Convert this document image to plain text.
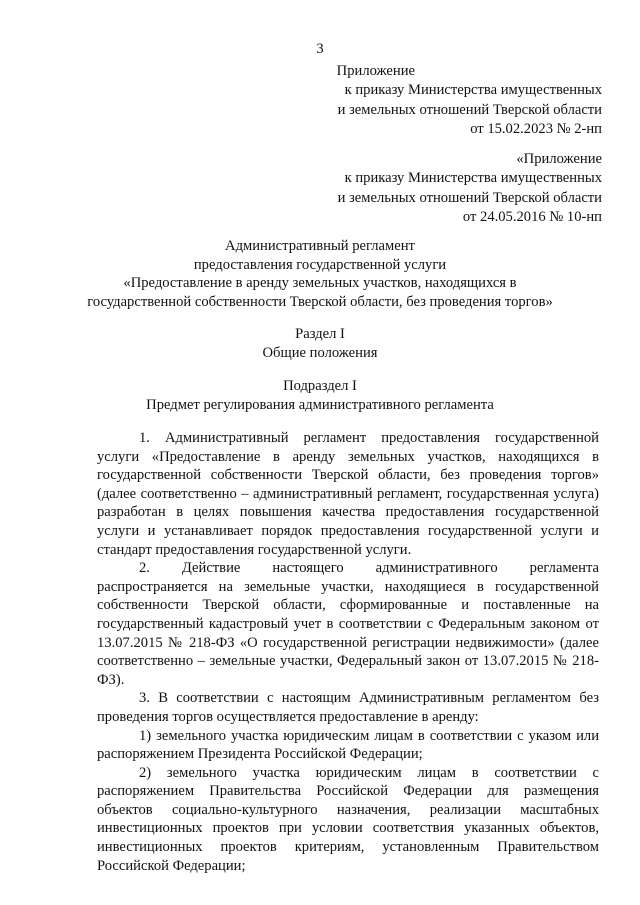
3
Приложение
к приказу Министерства имущественных
и земельных отношений Тверской области
от 15.02.2023 № 2-нп
«Приложение
к приказу Министерства имущественных
и земельных отношений Тверской области
от 24.05.2016 № 10-нп
Административный регламент
предоставления государственной услуги
«Предоставление в аренду земельных участков, находящихся в
государственной собственности Тверской области, без проведения торгов»
Раздел I
Общие положения
Подраздел I
Предмет регулирования административного регламента

1. Административный регламент предоставления государственной услуги «Предоставление в аренду земельных участков, находящихся в государственной собственности Тверской области, без проведения торгов» (далее соответственно – административный регламент, государственная услуга) разработан в целях повышения качества предоставления государственной услуги и устанавливает порядок предоставления государственной услуги и стандарт предоставления государственной услуги.

2. Действие настоящего административного регламента распространяется на земельные участки, находящиеся в государственной собственности Тверской области, сформированные и поставленные на государственный кадастровый учет в соответствии с Федеральным законом от 13.07.2015 № 218-ФЗ «О государственной регистрации недвижимости» (далее соответственно – земельные участки, Федеральный закон от 13.07.2015 № 218-ФЗ).

3. В соответствии с настоящим Административным регламентом без проведения торгов осуществляется предоставление в аренду:

1) земельного участка юридическим лицам в соответствии с указом или распоряжением Президента Российской Федерации;

2) земельного участка юридическим лицам в соответствии с распоряжением Правительства Российской Федерации для размещения объектов социально-культурного назначения, реализации масштабных инвестиционных проектов при условии соответствия указанных объектов, инвестиционных проектов критериям, установленным Правительством Российской Федерации;
